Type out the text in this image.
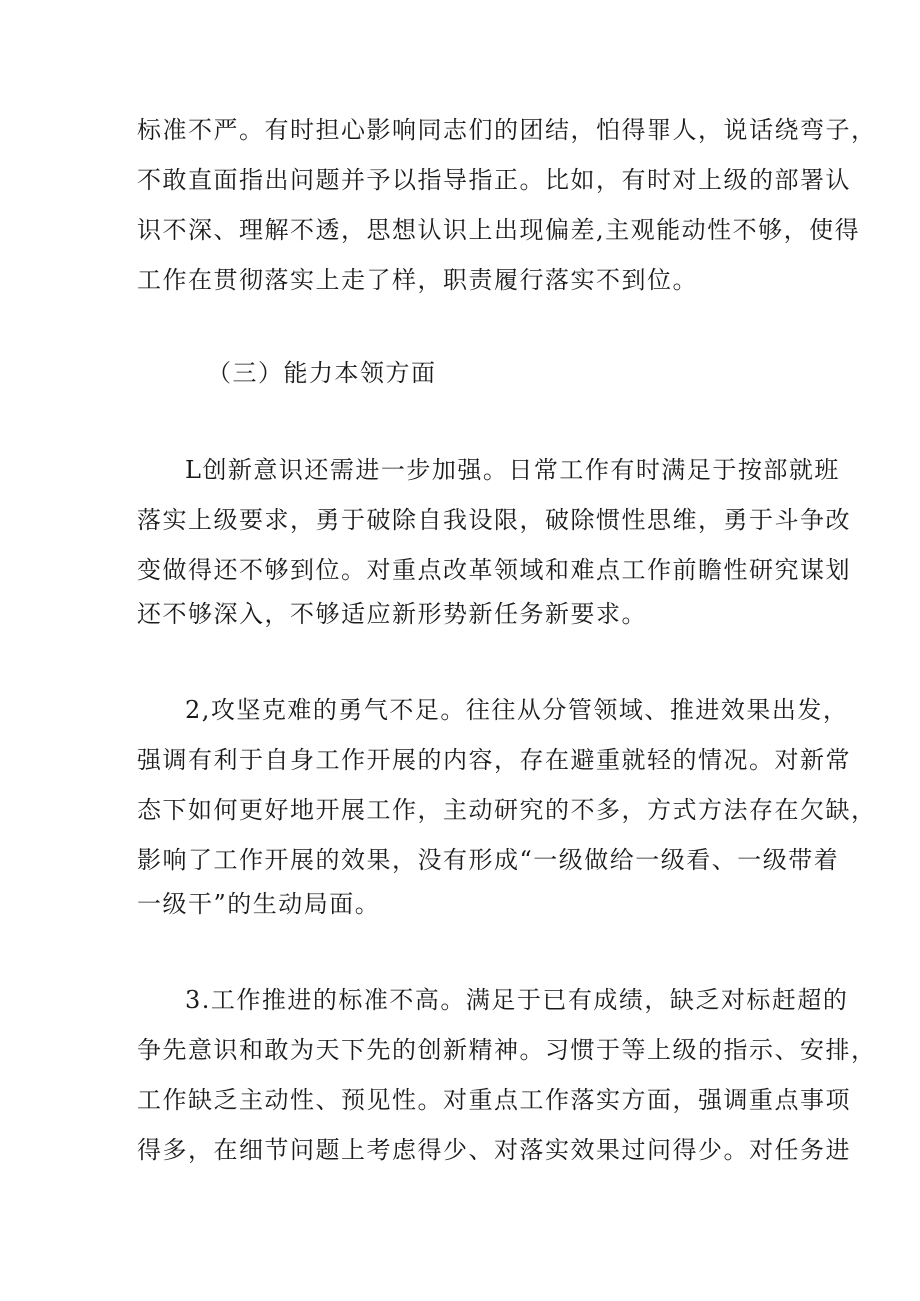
标准不严。有时担心影响同志们的团结，怕得罪人，说话绕弯子，
不敢直面指出问题并予以指导指正。比如，有时对上级的部署认
识不深、理解不透，思想认识上出现偏差,主观能动性不够，使得
工作在贯彻落实上走了样，职责履行落实不到位。
（三）能力本领方面
L创新意识还需进一步加强。日常工作有时满足于按部就班
落实上级要求，勇于破除自我设限，破除惯性思维，勇于斗争改
变做得还不够到位。对重点改革领域和难点工作前瞻性研究谋划
还不够深入，不够适应新形势新任务新要求。
2,攻坚克难的勇气不足。往往从分管领域、推进效果出发，
强调有利于自身工作开展的内容，存在避重就轻的情况。对新常
态下如何更好地开展工作，主动研究的不多，方式方法存在欠缺，
影响了工作开展的效果，没有形成“一级做给一级看、一级带着
一级干”的生动局面。
3.工作推进的标准不高。满足于已有成绩，缺乏对标赶超的
争先意识和敢为天下先的创新精神。习惯于等上级的指示、安排，
工作缺乏主动性、预见性。对重点工作落实方面，强调重点事项
得多，在细节问题上考虑得少、对落实效果过问得少。对任务进
